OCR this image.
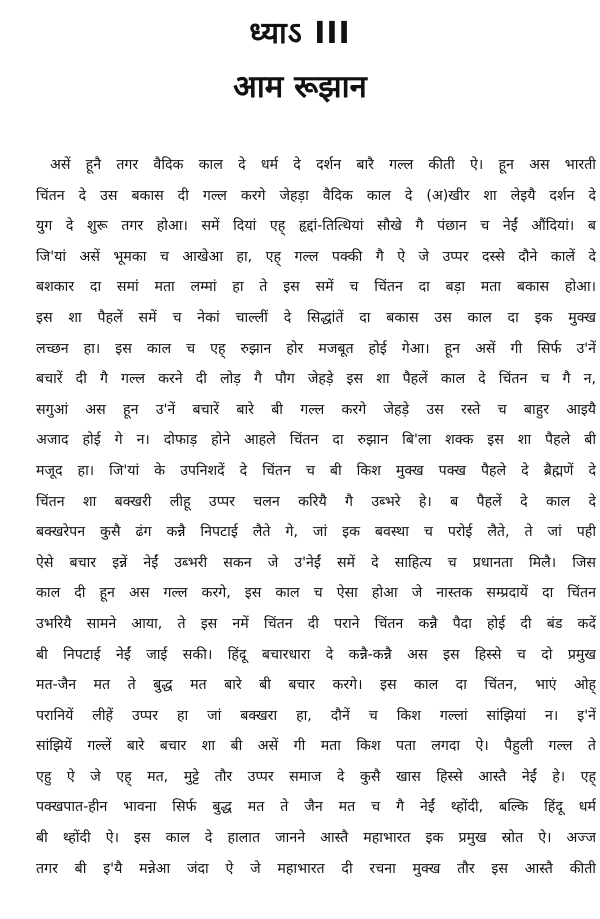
ध्याऽ III
आम रूझान
असें हूनै तगर वैदिक काल दे धर्म दे दर्शन बारै गल्ल कीती ऐ। हून अस भारती
चिंतन दे उस बकास दी गल्ल करगे जेहड़ा वैदिक काल दे (अ)खीर शा लेइयै दर्शन दे
युग दे शुरू तगर होआ। समें दियां एह् हृद्दां-तित्थियां सौखे गै पंछान च नेईं औंदियां। ब
जि'यां असें भूमका च आखेआ हा, एह् गल्ल पक्की गै ऐ जे उप्पर दस्से दौने कालें दे
बशकार दा समां मता लम्मां हा ते इस समें च चिंतन दा बड़ा मता बकास होआ।
इस शा पैहलें समें च नेकां चाल्लीं दे सिद्धांतें दा बकास उस काल दा इक मुक्ख
लच्छन हा। इस काल च एह् रुझान होर मजबूत होई गेआ। हून असें गी सिर्फ उ'नें
बचारें दी गै गल्ल करने दी लोड़ गै पौग जेहड़े इस शा पैहलें काल दे चिंतन च गै न,
सगुआं अस हून उ'नें बचारें बारे बी गल्ल करगे जेहड़े उस रस्ते च बाहुर आइयै
अजाद होई गे न। दोफाड़ होने आहले चिंतन दा रुझान बि'ला शक्क इस शा पैहले बी
मजूद हा। जि'यां के उपनिशदें दे चिंतन च बी किश मुक्ख पक्ख पैहले दे ब्रैह्मणें दे
चिंतन शा बक्खरी लीहू उप्पर चलन करियै गै उब्भरे हे। ब पैहलें दे काल दे
बक्खरेपन कुसै ढंग कन्नै निपटाई लैते गे, जां इक बवस्था च परोई लैते, ते जां पही
ऐसे बचार इन्नें नेईं उब्भरी सकन जे उ'नेईं समें दे साहित्य च प्रधानता मिलै। जिस
काल दी हून अस गल्ल करगे, इस काल च ऐसा होआ जे नास्तक सम्प्रदायें दा चिंतन
उभरियै सामने आया, ते इस नमें चिंतन दी पराने चिंतन कन्नै पैदा होई दी बंड कदें
बी निपटाई नेईं जाई सकी। हिंदू बचारधारा दे कन्नै-कन्नै अस इस हिस्से च दो प्रमुख
मत-जैन मत ते बुद्ध मत बारे बी बचार करगे। इस काल दा चिंतन, भाएं ओह्
परानियें लीहें उप्पर हा जां बक्खरा हा, दौनें च किश गल्लां सांझियां न। इ'नें
सांझियें गल्लें बारे बचार शा बी असें गी मता किश पता लगदा ऐ। पैहुली गल्ल ते
एहु ऐ जे एह् मत, मुट्टे तौर उप्पर समाज दे कुसै खास हिस्से आस्तै नेईं हे। एह्
पक्खपात-हीन भावना सिर्फ बुद्ध मत ते जैन मत च गै नेईं थ्होंदी, बल्कि हिंदू धर्म
बी थ्होंदी ऐ। इस काल दे हालात जानने आस्तै महाभारत इक प्रमुख स्रोत ऐ। अज्ज
तगर बी इ'यै मन्नेआ जंदा ऐ जे महाभारत दी रचना मुक्ख तौर इस आस्तै कीती
